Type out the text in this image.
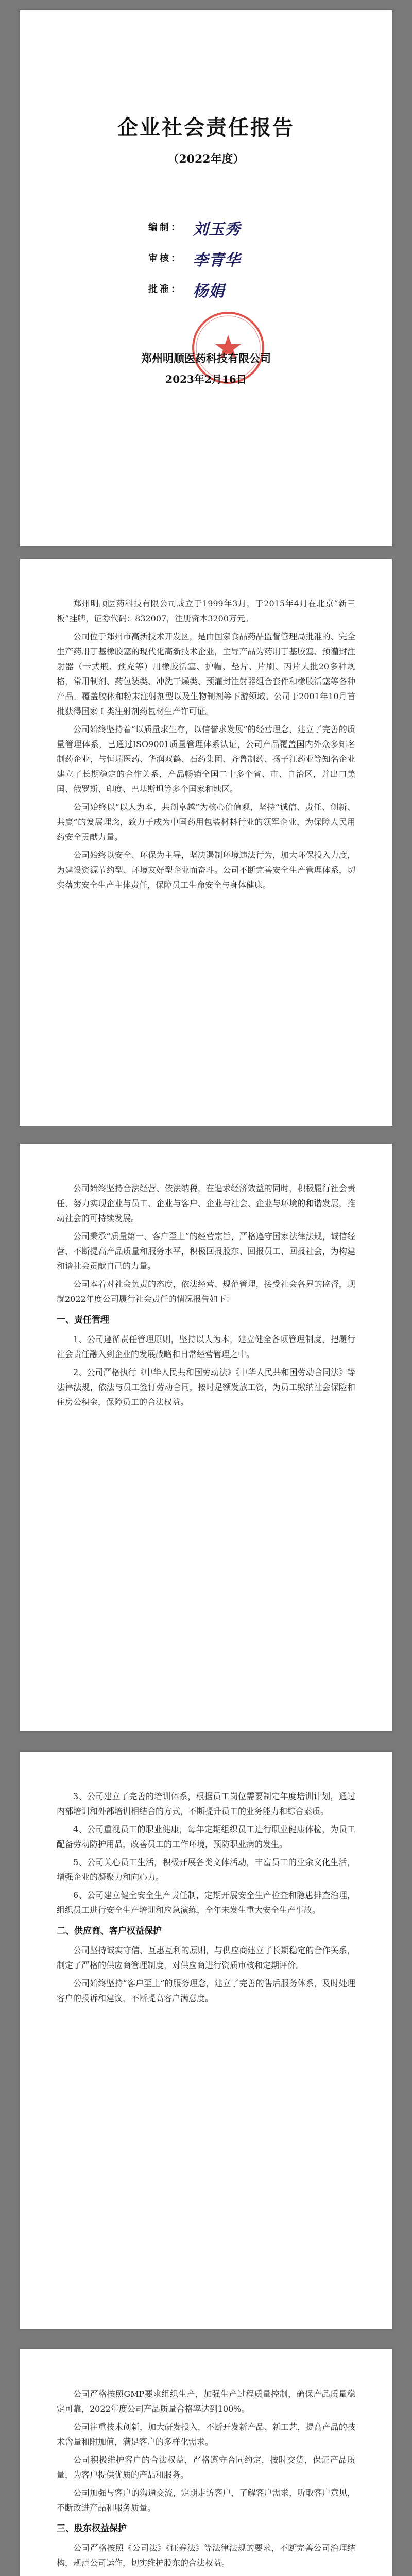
企业社会责任报告
（2022年度）
编制： 刘玉秀
审核： 李青华
批准： 杨娟
郑州明顺医药科技有限公司
2023年2月16日

郑州明顺医药科技有限公司成立于1999年3月，于2015年4月在北京“新三板”挂牌，证券代码：832007，注册资本3200万元。

公司位于郑州市高新技术开发区，是由国家食品药品监督管理局批准的、完全生产药用丁基橡胶塞的现代化高新技术企业，主导产品为药用丁基胶塞、预灌封注射器（卡式瓶、预充等）用橡胶活塞、护帽、垫片、片刷、丙片大批20多种规格，常用制剂、药包装类、冲洗干燥类、预灌封注射器组合套件和橡胶活塞等各种产品。覆盖胶体和粉末注射剂型以及生物制剂等下游领域。公司于2001年10月首批获得国家 I 类注射剂药包材生产许可证。

公司始终坚持着“以质量求生存，以信誉求发展”的经营理念，建立了完善的质量管理体系，已通过ISO9001质量管理体系认证，公司产品覆盖国内外众多知名制药企业，与恒瑞医药、华润双鹤、石药集团、齐鲁制药、扬子江药业等知名企业建立了长期稳定的合作关系，产品畅销全国二十多个省、市、自治区，并出口美国、俄罗斯、印度、巴基斯坦等多个国家和地区。

公司始终以“以人为本，共创卓越”为核心价值观，坚持“诚信、责任、创新、共赢”的发展理念，致力于成为中国药用包装材料行业的领军企业，为保障人民用药安全贡献力量。

公司始终以安全、环保为主导，坚决遏制环境违法行为，加大环保投入力度，为建设资源节约型、环境友好型企业而奋斗。公司不断完善安全生产管理体系，切实落实安全生产主体责任，保障员工生命安全与身体健康。

公司始终坚持合法经营、依法纳税，在追求经济效益的同时，积极履行社会责任，努力实现企业与员工、企业与客户、企业与社会、企业与环境的和谐发展，推动社会的可持续发展。

公司秉承“质量第一、客户至上”的经营宗旨，严格遵守国家法律法规，诚信经营，不断提高产品质量和服务水平，积极回报股东、回报员工、回报社会，为构建和谐社会贡献自己的力量。

公司本着对社会负责的态度，依法经营、规范管理，接受社会各界的监督，现就2022年度公司履行社会责任的情况报告如下：

一、责任管理

1、公司遵循责任管理原则，坚持以人为本，建立健全各项管理制度，把履行社会责任融入到企业的发展战略和日常经营管理之中。

2、公司严格执行《中华人民共和国劳动法》《中华人民共和国劳动合同法》等法律法规，依法与员工签订劳动合同，按时足额发放工资，为员工缴纳社会保险和住房公积金，保障员工的合法权益。

3、公司建立了完善的培训体系，根据员工岗位需要制定年度培训计划，通过内部培训和外部培训相结合的方式，不断提升员工的业务能力和综合素质。

4、公司重视员工的职业健康，每年定期组织员工进行职业健康体检，为员工配备劳动防护用品，改善员工的工作环境，预防职业病的发生。

5、公司关心员工生活，积极开展各类文体活动，丰富员工的业余文化生活，增强企业的凝聚力和向心力。

6、公司建立健全安全生产责任制，定期开展安全生产检查和隐患排查治理，组织员工进行安全生产培训和应急演练，全年未发生重大安全生产事故。

二、供应商、客户权益保护

公司坚持诚实守信、互惠互利的原则，与供应商建立了长期稳定的合作关系，制定了严格的供应商管理制度，对供应商进行资质审核和定期评价。

公司始终坚持“客户至上”的服务理念，建立了完善的售后服务体系，及时处理客户的投诉和建议，不断提高客户满意度。

公司严格按照GMP要求组织生产，加强生产过程质量控制，确保产品质量稳定可靠，2022年度公司产品质量合格率达到100%。

公司注重技术创新，加大研发投入，不断开发新产品、新工艺，提高产品的技术含量和附加值，满足客户的多样化需求。

公司积极维护客户的合法权益，严格遵守合同约定，按时交货，保证产品质量，为客户提供优质的产品和服务。

公司加强与客户的沟通交流，定期走访客户，了解客户需求，听取客户意见，不断改进产品和服务质量。

三、股东权益保护

公司严格按照《公司法》《证券法》等法律法规的要求，不断完善公司治理结构，规范公司运作，切实维护股东的合法权益。
